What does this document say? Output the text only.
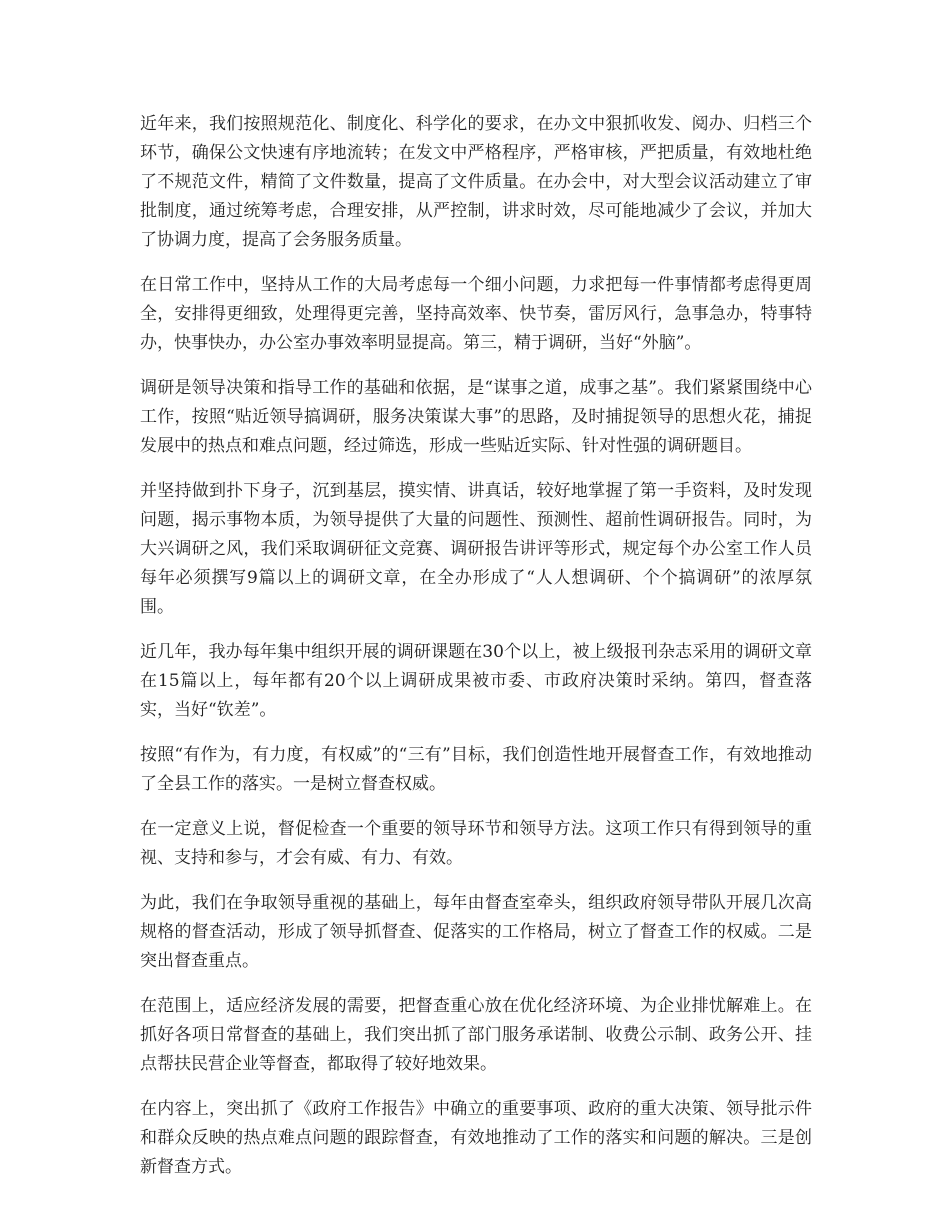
近年来，我们按照规范化、制度化、科学化的要求，在办文中狠抓收发、阅办、归档三个环节，确保公文快速有序地流转；在发文中严格程序，严格审核，严把质量，有效地杜绝了不规范文件，精简了文件数量，提高了文件质量。在办会中，对大型会议活动建立了审批制度，通过统筹考虑，合理安排，从严控制，讲求时效，尽可能地减少了会议，并加大了协调力度，提高了会务服务质量。

在日常工作中，坚持从工作的大局考虑每一个细小问题，力求把每一件事情都考虑得更周全，安排得更细致，处理得更完善，坚持高效率、快节奏，雷厉风行，急事急办，特事特办，快事快办，办公室办事效率明显提高。第三，精于调研，当好“外脑”。

调研是领导决策和指导工作的基础和依据，是“谋事之道，成事之基”。我们紧紧围绕中心工作，按照“贴近领导搞调研，服务决策谋大事”的思路，及时捕捉领导的思想火花，捕捉发展中的热点和难点问题，经过筛选，形成一些贴近实际、针对性强的调研题目。

并坚持做到扑下身子，沉到基层，摸实情、讲真话，较好地掌握了第一手资料，及时发现问题，揭示事物本质，为领导提供了大量的问题性、预测性、超前性调研报告。同时，为大兴调研之风，我们采取调研征文竞赛、调研报告讲评等形式，规定每个办公室工作人员每年必须撰写9篇以上的调研文章，在全办形成了“人人想调研、个个搞调研”的浓厚氛围。

近几年，我办每年集中组织开展的调研课题在30个以上，被上级报刊杂志采用的调研文章在15篇以上，每年都有20个以上调研成果被市委、市政府决策时采纳。第四，督查落实，当好“钦差”。

按照“有作为，有力度，有权威”的“三有”目标，我们创造性地开展督查工作，有效地推动了全县工作的落实。一是树立督查权威。

在一定意义上说，督促检查一个重要的领导环节和领导方法。这项工作只有得到领导的重视、支持和参与，才会有威、有力、有效。

为此，我们在争取领导重视的基础上，每年由督查室牵头，组织政府领导带队开展几次高规格的督查活动，形成了领导抓督查、促落实的工作格局，树立了督查工作的权威。二是突出督查重点。

在范围上，适应经济发展的需要，把督查重心放在优化经济环境、为企业排忧解难上。在抓好各项日常督查的基础上，我们突出抓了部门服务承诺制、收费公示制、政务公开、挂点帮扶民营企业等督查，都取得了较好地效果。

在内容上，突出抓了《政府工作报告》中确立的重要事项、政府的重大决策、领导批示件和群众反映的热点难点问题的跟踪督查，有效地推动了工作的落实和问题的解决。三是创新督查方式。
